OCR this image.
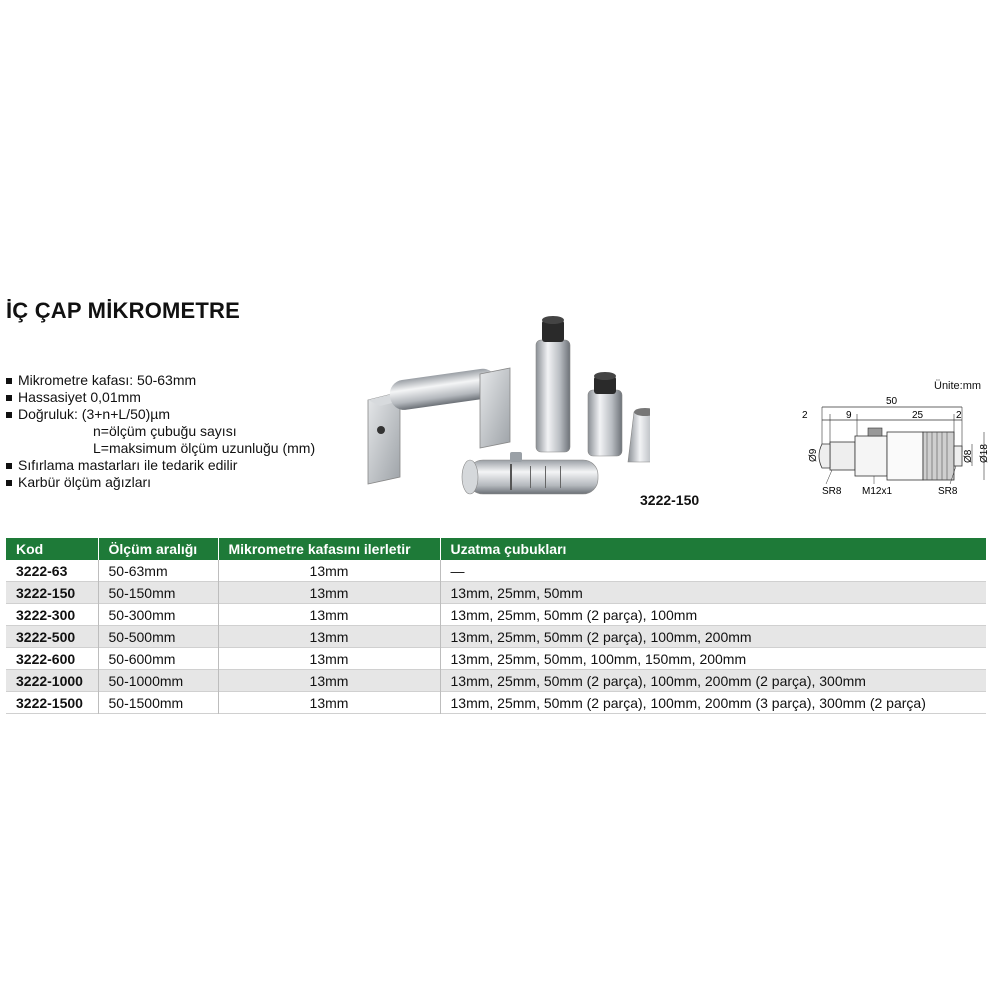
İÇ ÇAP MİKROMETRE
Mikrometre kafası: 50-63mm
Hassasiyet 0,01mm
Doğruluk: (3+n+L/50)µm
n=ölçüm çubuğu sayısı
L=maksimum ölçüm uzunluğu (mm)
Sıfırlama mastarları ile tedarik edilir
Karbür ölçüm ağızları
3222-150
Ünite:mm
50
2	9	25	2
Ø8 Ø18
Ø9
SR8 M12x1	SR8
Kod	Ölçüm aralığı	Mikrometre kafasını ilerletir	Uzatma çubukları
3222-63	50-63mm	13mm	—
3222-150	50-150mm	13mm	13mm, 25mm, 50mm
3222-300	50-300mm	13mm	13mm, 25mm, 50mm (2 parça), 100mm
3222-500	50-500mm	13mm	13mm, 25mm, 50mm (2 parça), 100mm, 200mm
3222-600	50-600mm	13mm	13mm, 25mm, 50mm, 100mm, 150mm, 200mm
3222-1000	50-1000mm	13mm	13mm, 25mm, 50mm (2 parça), 100mm, 200mm (2 parça), 300mm
3222-1500	50-1500mm	13mm	13mm, 25mm, 50mm (2 parça), 100mm, 200mm (3 parça), 300mm (2 parça)
